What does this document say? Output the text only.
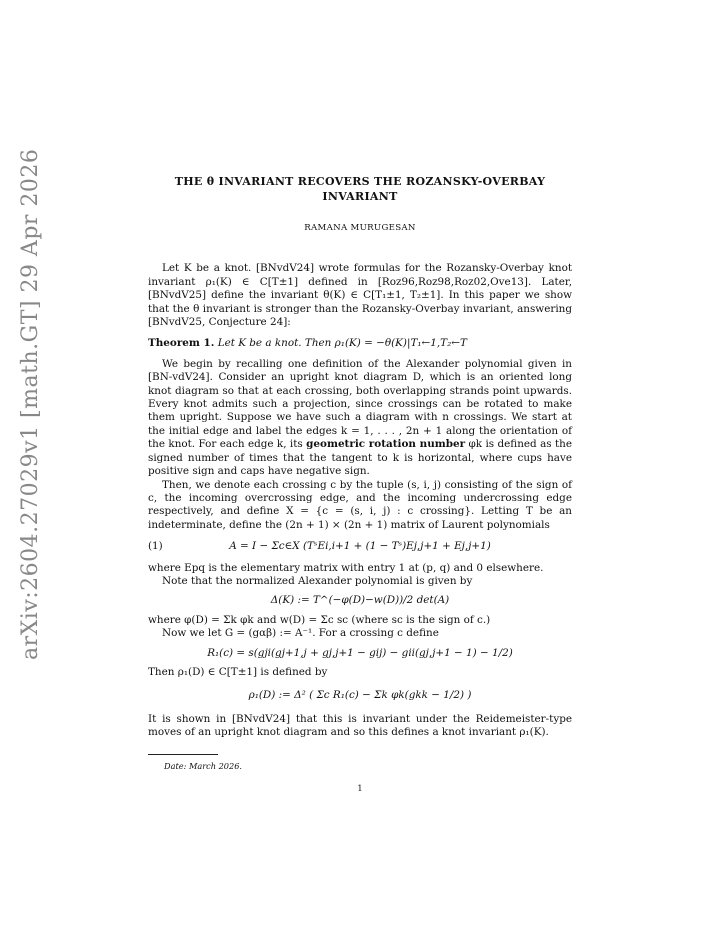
arXiv:2604.27029v1 [math.GT] 29 Apr 2026	THE θ INVARIANT RECOVERS THE ROZANSKY-OVERBAY INVARIANT
RAMANA MURUGESAN

Let K be a knot. [BNvdV24] wrote formulas for the Rozansky-Overbay knot invariant ρ₁(K) ∈ C[T±1] defined in [Roz96,Roz98,Roz02,Ove13]. Later, [BNvdV25] define the invariant θ(K) ∈ C[T₁±1, T₂±1]. In this paper we show that the θ invariant is stronger than the Rozansky-Overbay invariant, answering [BNvdV25, Conjecture 24]:

Theorem 1. Let K be a knot. Then ρ₁(K) = −θ(K)|T₁←1,T₂←T

We begin by recalling one definition of the Alexander polynomial given in [BN-vdV24]. Consider an upright knot diagram D, which is an oriented long knot diagram so that at each crossing, both overlapping strands point upwards. Every knot admits such a projection, since crossings can be rotated to make them upright. Suppose we have such a diagram with n crossings. We start at the initial edge and label the edges k = 1, . . . , 2n + 1 along the orientation of the knot. For each edge k, its geometric rotation number φk is defined as the signed number of times that the tangent to k is horizontal, where cups have positive sign and caps have negative sign.

Then, we denote each crossing c by the tuple (s, i, j) consisting of the sign of c, the incoming overcrossing edge, and the incoming undercrossing edge respectively, and define X = {c = (s, i, j) : c crossing}. Letting T be an indeterminate, define the (2n + 1) × (2n + 1) matrix of Laurent polynomials

(1)	A = I − Σc∈X (TˢEi,i+1 + (1 − Tˢ)Ej,j+1 + Ej,j+1)

where Epq is the elementary matrix with entry 1 at (p, q) and 0 elsewhere.

Note that the normalized Alexander polynomial is given by

Δ(K) := T^(−φ(D)−w(D))/2 det(A)

where φ(D) = Σk φk and w(D) = Σc sc (where sc is the sign of c.)

Now we let G = (gαβ) := A⁻¹. For a crossing c define

R₁(c) = s(gji(gj+1,j + gj,j+1 − gij) − gii(gj,j+1 − 1) − 1/2)

Then ρ₁(D) ∈ C[T±1] is defined by

ρ₁(D) := Δ² ( Σc R₁(c) − Σk φk(gkk − 1/2) )

It is shown in [BNvdV24] that this is invariant under the Reidemeister-type moves of an upright knot diagram and so this defines a knot invariant ρ₁(K).

Date: March 2026.
1
